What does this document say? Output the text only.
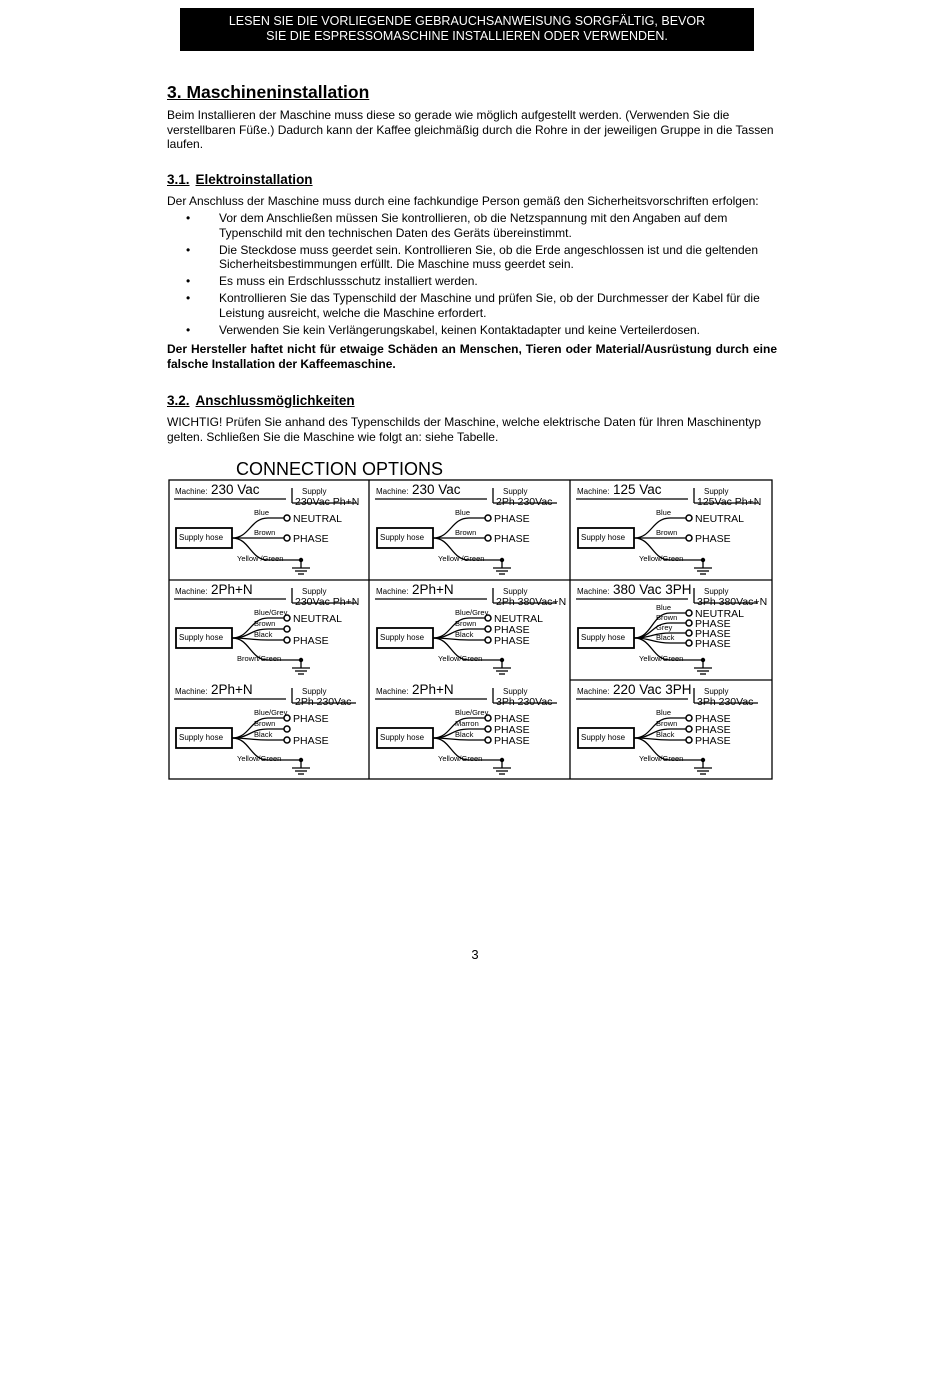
LESEN SIE DIE VORLIEGENDE GEBRAUCHSANWEISUNG SORGFÄLTIG, BEVOR
SIE DIE ESPRESSOMASCHINE INSTALLIEREN ODER VERWENDEN.
3. Maschineninstallation

Beim Installieren der Maschine muss diese so gerade wie möglich aufgestellt werden. (Verwenden Sie die verstellbaren Füße.) Dadurch kann der Kaffee gleichmäßig durch die Rohre in der jeweiligen Gruppe in die Tassen laufen.

3.1. Elektroinstallation

Der Anschluss der Maschine muss durch eine fachkundige Person gemäß den Sicherheitsvorschriften erfolgen:

• Vor dem Anschließen müssen Sie kontrollieren, ob die Netzspannung mit den Angaben auf dem Typenschild mit den technischen Daten des Geräts übereinstimmt.
• Die Steckdose muss geerdet sein. Kontrollieren Sie, ob die Erde angeschlossen ist und die geltenden Sicherheitsbestimmungen erfüllt. Die Maschine muss geerdet sein.
• Es muss ein Erdschlussschutz installiert werden.
• Kontrollieren Sie das Typenschild der Maschine und prüfen Sie, ob der Durchmesser der Kabel für die Leistung ausreicht, welche die Maschine erfordert.
• Verwenden Sie kein Verlängerungskabel, keinen Kontaktadapter und keine Verteilerdosen.

Der Hersteller haftet nicht für etwaige Schäden an Menschen, Tieren oder Material/Ausrüstung durch eine falsche Installation der Kaffeemaschine.

3.2. Anschlussmöglichkeiten

WICHTIG! Prüfen Sie anhand des Typenschilds der Maschine, welche elektrische Daten für Ihren Maschinentyp gelten. Schließen Sie die Maschine wie folgt an: siehe Tabelle.

CONNECTION OPTIONS
Machine: 230 Vac	Supply
230Vac Ph+N
Supply hose
Blue
NEUTRAL
Brown
PHASE
Yellow /Green
Machine: 230 Vac	Supply
2Ph 230Vac
Supply hose
Blue
PHASE
Brown
PHASE
Yellow /Green
Machine: 125 Vac	Supply
125Vac Ph+N
Supply hose
Blue
NEUTRAL
Brown
PHASE
Yellow/Green
Machine: 2Ph+N	Supply
230Vac Ph+N
Supply hose
Blue/Grey
NEUTRAL
Brown
Black
PHASE
Brown/Green
Machine: 2Ph+N	Supply
2Ph 380Vac+N
Supply hose
Blue/Grey
NEUTRAL
Brown
PHASE
Black
PHASE
Yellow/Green
Machine: 380 Vac 3PH Supply
3Ph 380Vac+N
Supply hose
Blue
NEUTRAL
Brown
PHASE
Grey
PHASE
Black
PHASE
Yellow/Green
Machine: 2Ph+N	Supply
2Ph 230Vac
Supply hose
Blue/Grey
PHASE
Brown
Black
PHASE
Yellow/Green
Machine: 2Ph+N	Supply
3Ph 230Vac
Supply hose
Blue/Grey
PHASE
Marron
PHASE
Black
PHASE
Yellow/Green
Machine: 220 Vac 3PH Supply
3Ph 230Vac
Supply hose
Blue
PHASE
Brown
PHASE
Black
PHASE
Yellow/Green
3
